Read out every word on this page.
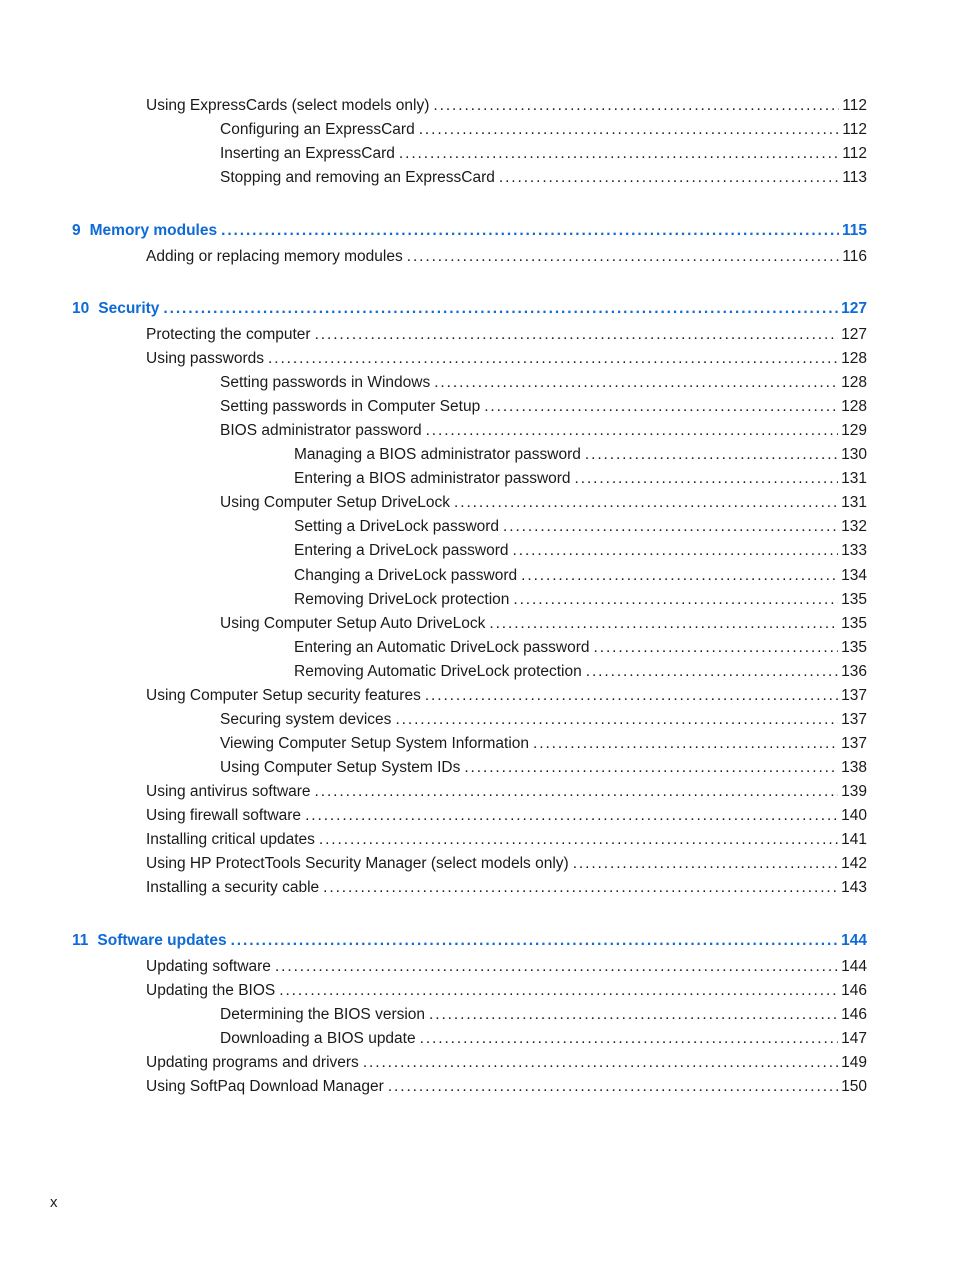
Using ExpressCards (select models only) . . .	112
Configuring an ExpressCard . . .	112
Inserting an ExpressCard . . .	112
Stopping and removing an ExpressCard . . .	113
9 Memory modules . . .	115
Adding or replacing memory modules . . .	116
10 Security . . .	127
Protecting the computer . . .	127
Using passwords . . .	128
Setting passwords in Windows . . .	128
Setting passwords in Computer Setup . . .	128
BIOS administrator password . . .	129
Managing a BIOS administrator password . . .	130
Entering a BIOS administrator password . . .	131
Using Computer Setup DriveLock . . .	131
Setting a DriveLock password . . .	132
Entering a DriveLock password . . .	133
Changing a DriveLock password . . .	134
Removing DriveLock protection . . .	135
Using Computer Setup Auto DriveLock . . .	135
Entering an Automatic DriveLock password . . .	135
Removing Automatic DriveLock protection . . .	136
Using Computer Setup security features . . .	137
Securing system devices . . .	137
Viewing Computer Setup System Information . . .	137
Using Computer Setup System IDs . . .	138
Using antivirus software . . .	139
Using firewall software . . .	140
Installing critical updates . . .	141
Using HP ProtectTools Security Manager (select models only) . . .	142
Installing a security cable . . .	143
11 Software updates . . .	144
Updating software . . .	144
Updating the BIOS . . .	146
Determining the BIOS version . . .	146
Downloading a BIOS update . . .	147
Updating programs and drivers . . .	149
Using SoftPaq Download Manager . . .	150
x
